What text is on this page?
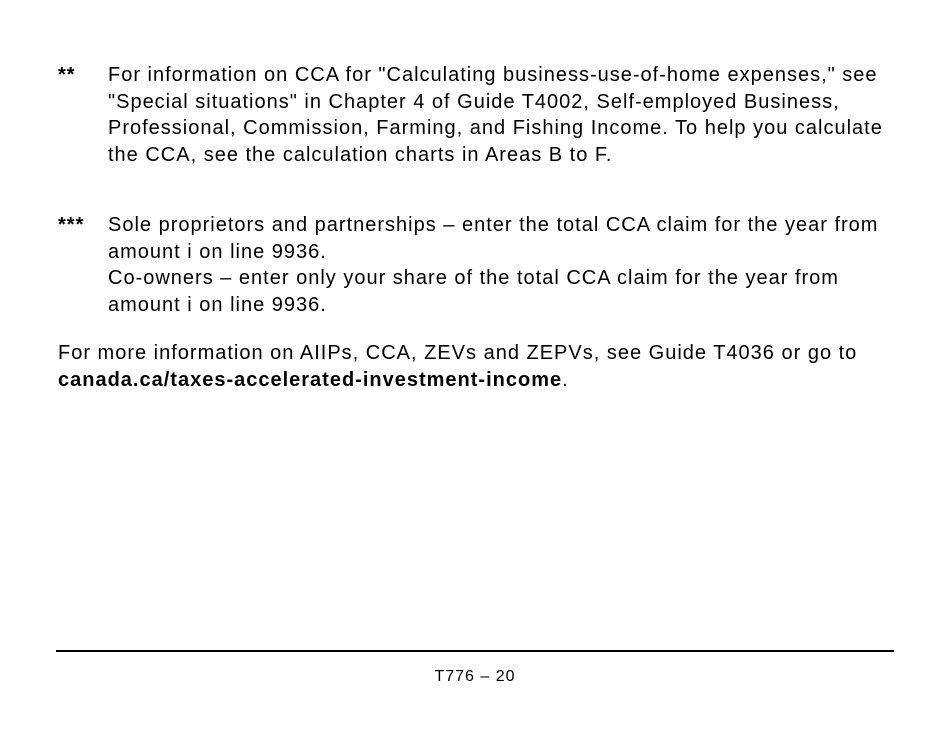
** For information on CCA for "Calculating business-use-of-home expenses," see "Special situations" in Chapter 4 of Guide T4002, Self-employed Business, Professional, Commission, Farming, and Fishing Income. To help you calculate the CCA, see the calculation charts in Areas B to F.

*** Sole proprietors and partnerships – enter the total CCA claim for the year from amount i on line 9936.

Co-owners – enter only your share of the total CCA claim for the year from amount i on line 9936.

For more information on AIIPs, CCA, ZEVs and ZEPVs, see Guide T4036 or go to canada.ca/taxes-accelerated-investment-income.

T776 – 20
